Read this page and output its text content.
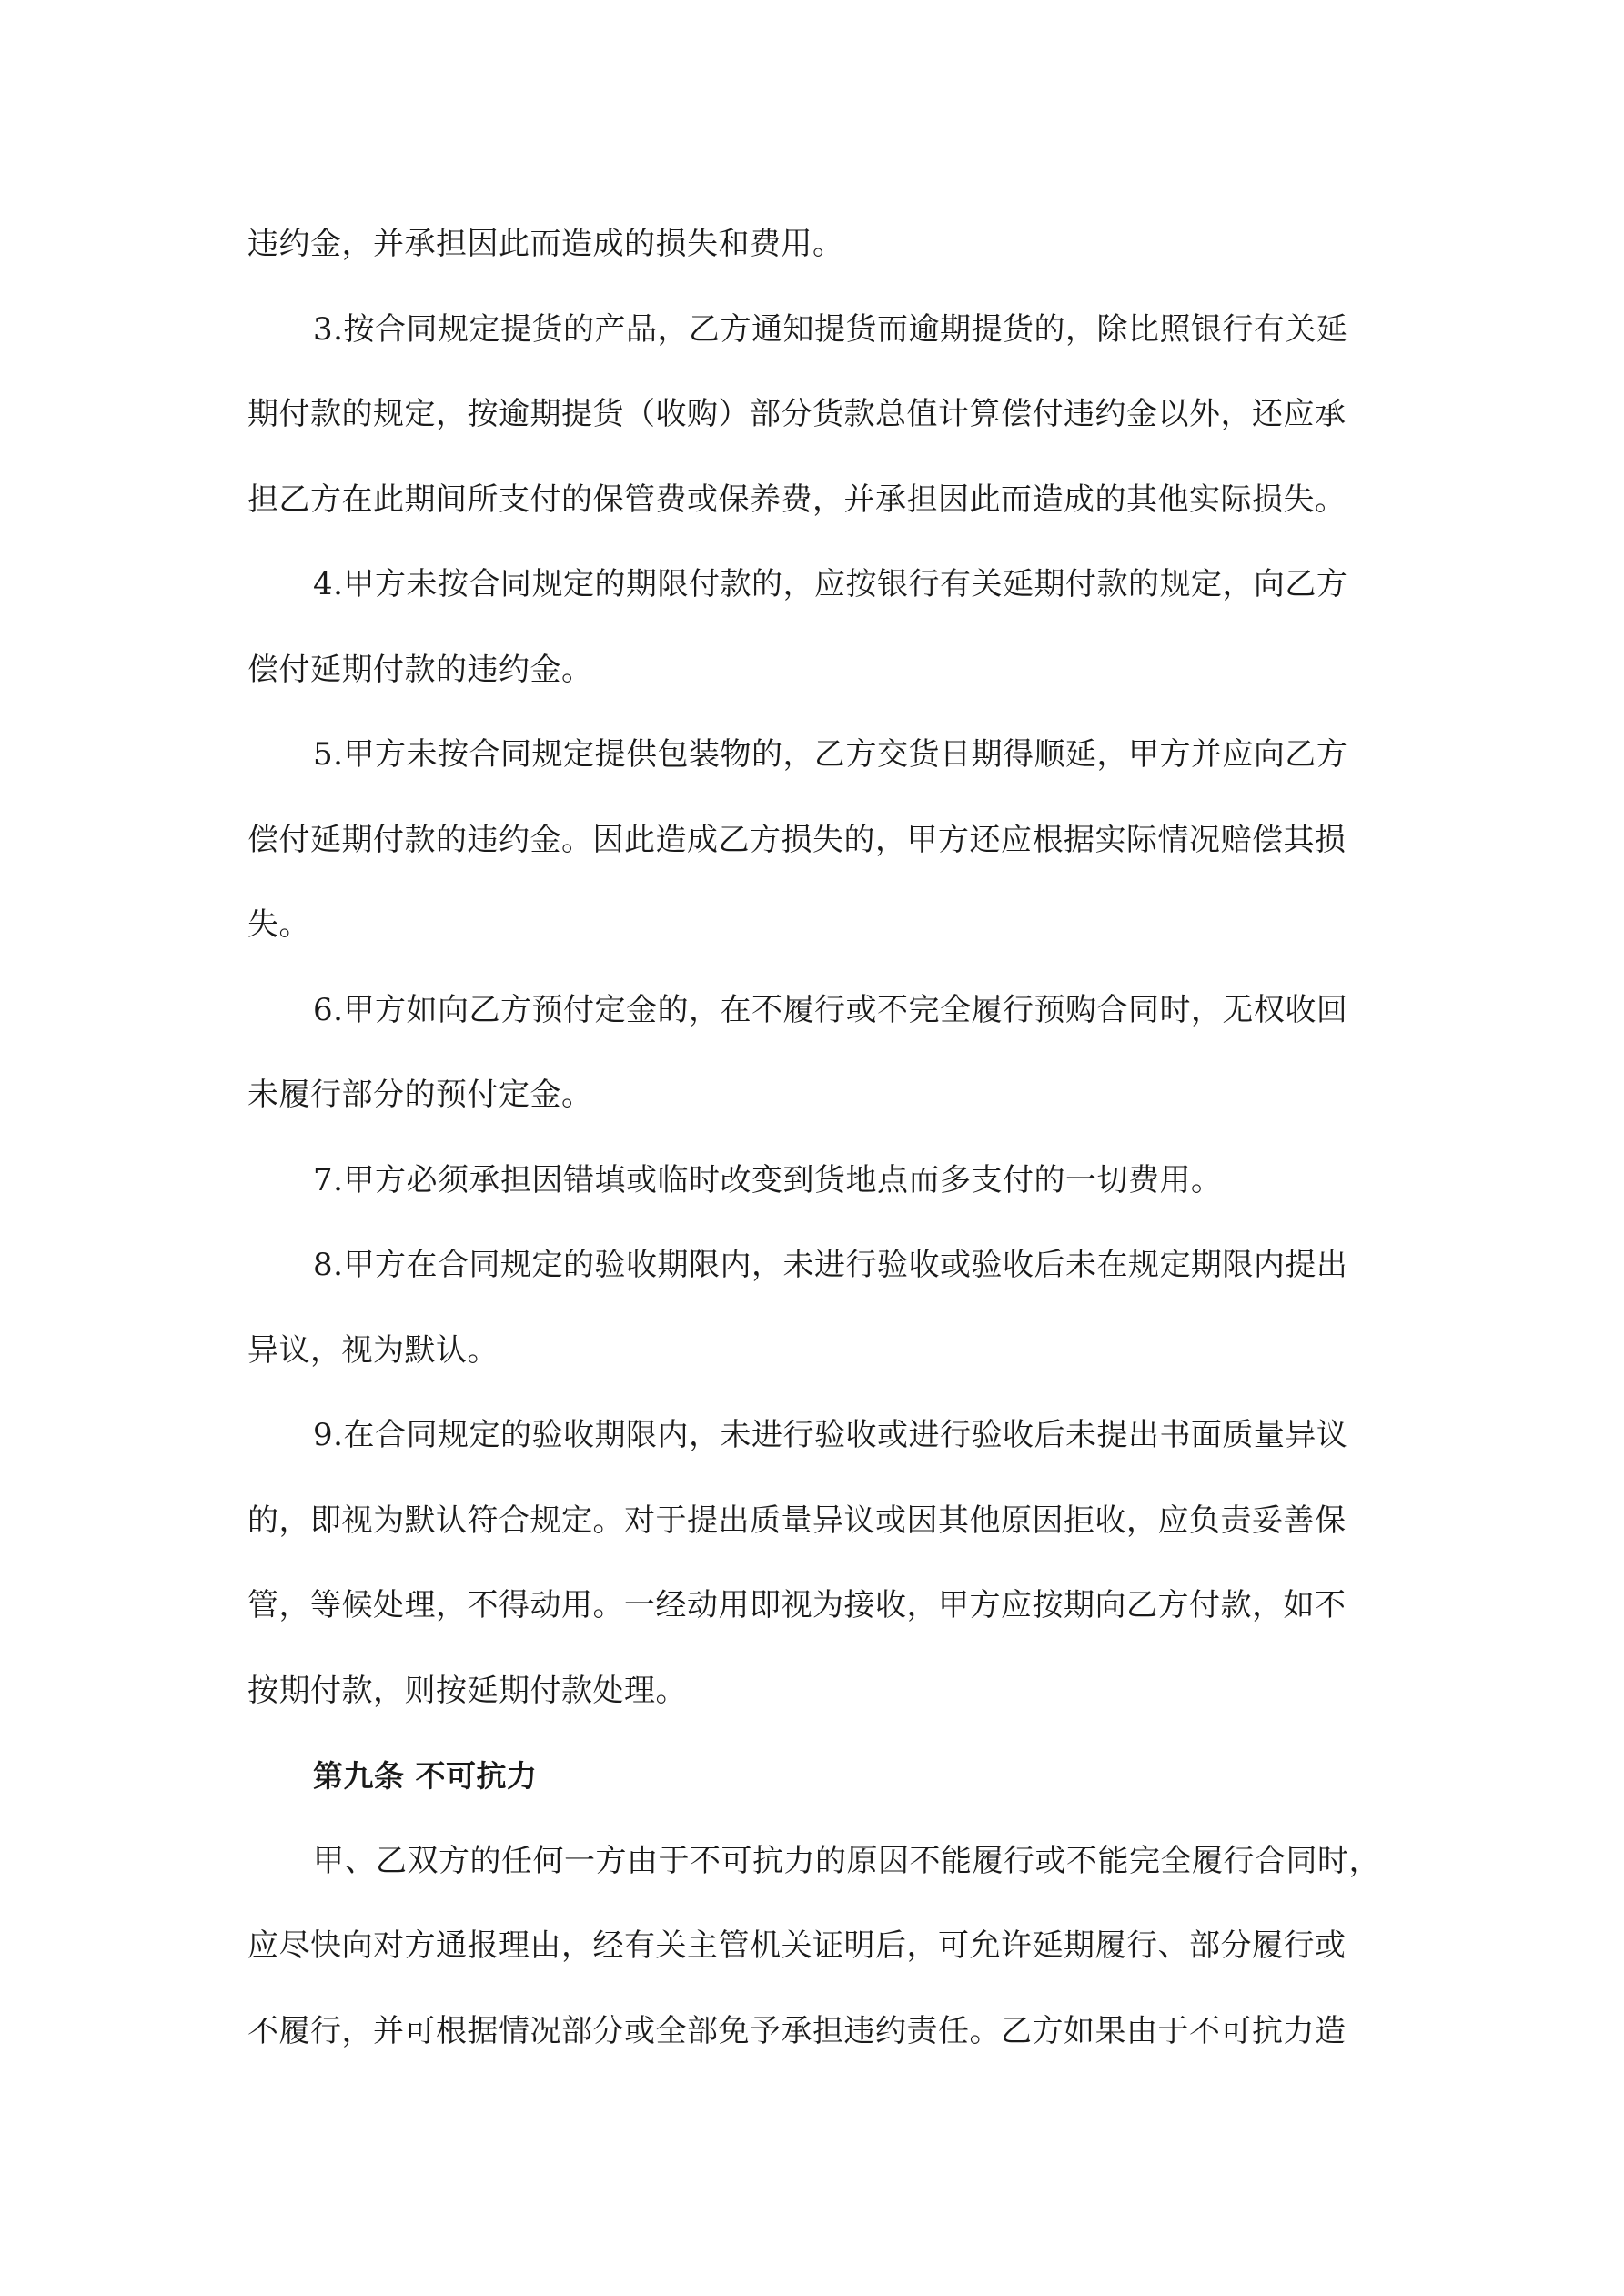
违约金，并承担因此而造成的损失和费用。
3.按合同规定提货的产品，乙方通知提货而逾期提货的，除比照银行有关延
期付款的规定，按逾期提货（收购）部分货款总值计算偿付违约金以外，还应承
担乙方在此期间所支付的保管费或保养费，并承担因此而造成的其他实际损失。
4.甲方未按合同规定的期限付款的，应按银行有关延期付款的规定，向乙方
偿付延期付款的违约金。
5.甲方未按合同规定提供包装物的，乙方交货日期得顺延，甲方并应向乙方
偿付延期付款的违约金。因此造成乙方损失的，甲方还应根据实际情况赔偿其损
失。
6.甲方如向乙方预付定金的，在不履行或不完全履行预购合同时，无权收回
未履行部分的预付定金。
7.甲方必须承担因错填或临时改变到货地点而多支付的一切费用。
8.甲方在合同规定的验收期限内，未进行验收或验收后未在规定期限内提出
异议，视为默认。
9.在合同规定的验收期限内，未进行验收或进行验收后未提出书面质量异议
的，即视为默认符合规定。对于提出质量异议或因其他原因拒收，应负责妥善保
管，等候处理，不得动用。一经动用即视为接收，甲方应按期向乙方付款，如不
按期付款，则按延期付款处理。
第九条 不可抗力
甲、乙双方的任何一方由于不可抗力的原因不能履行或不能完全履行合同时，
应尽快向对方通报理由，经有关主管机关证明后，可允许延期履行、部分履行或
不履行，并可根据情况部分或全部免予承担违约责任。乙方如果由于不可抗力造
